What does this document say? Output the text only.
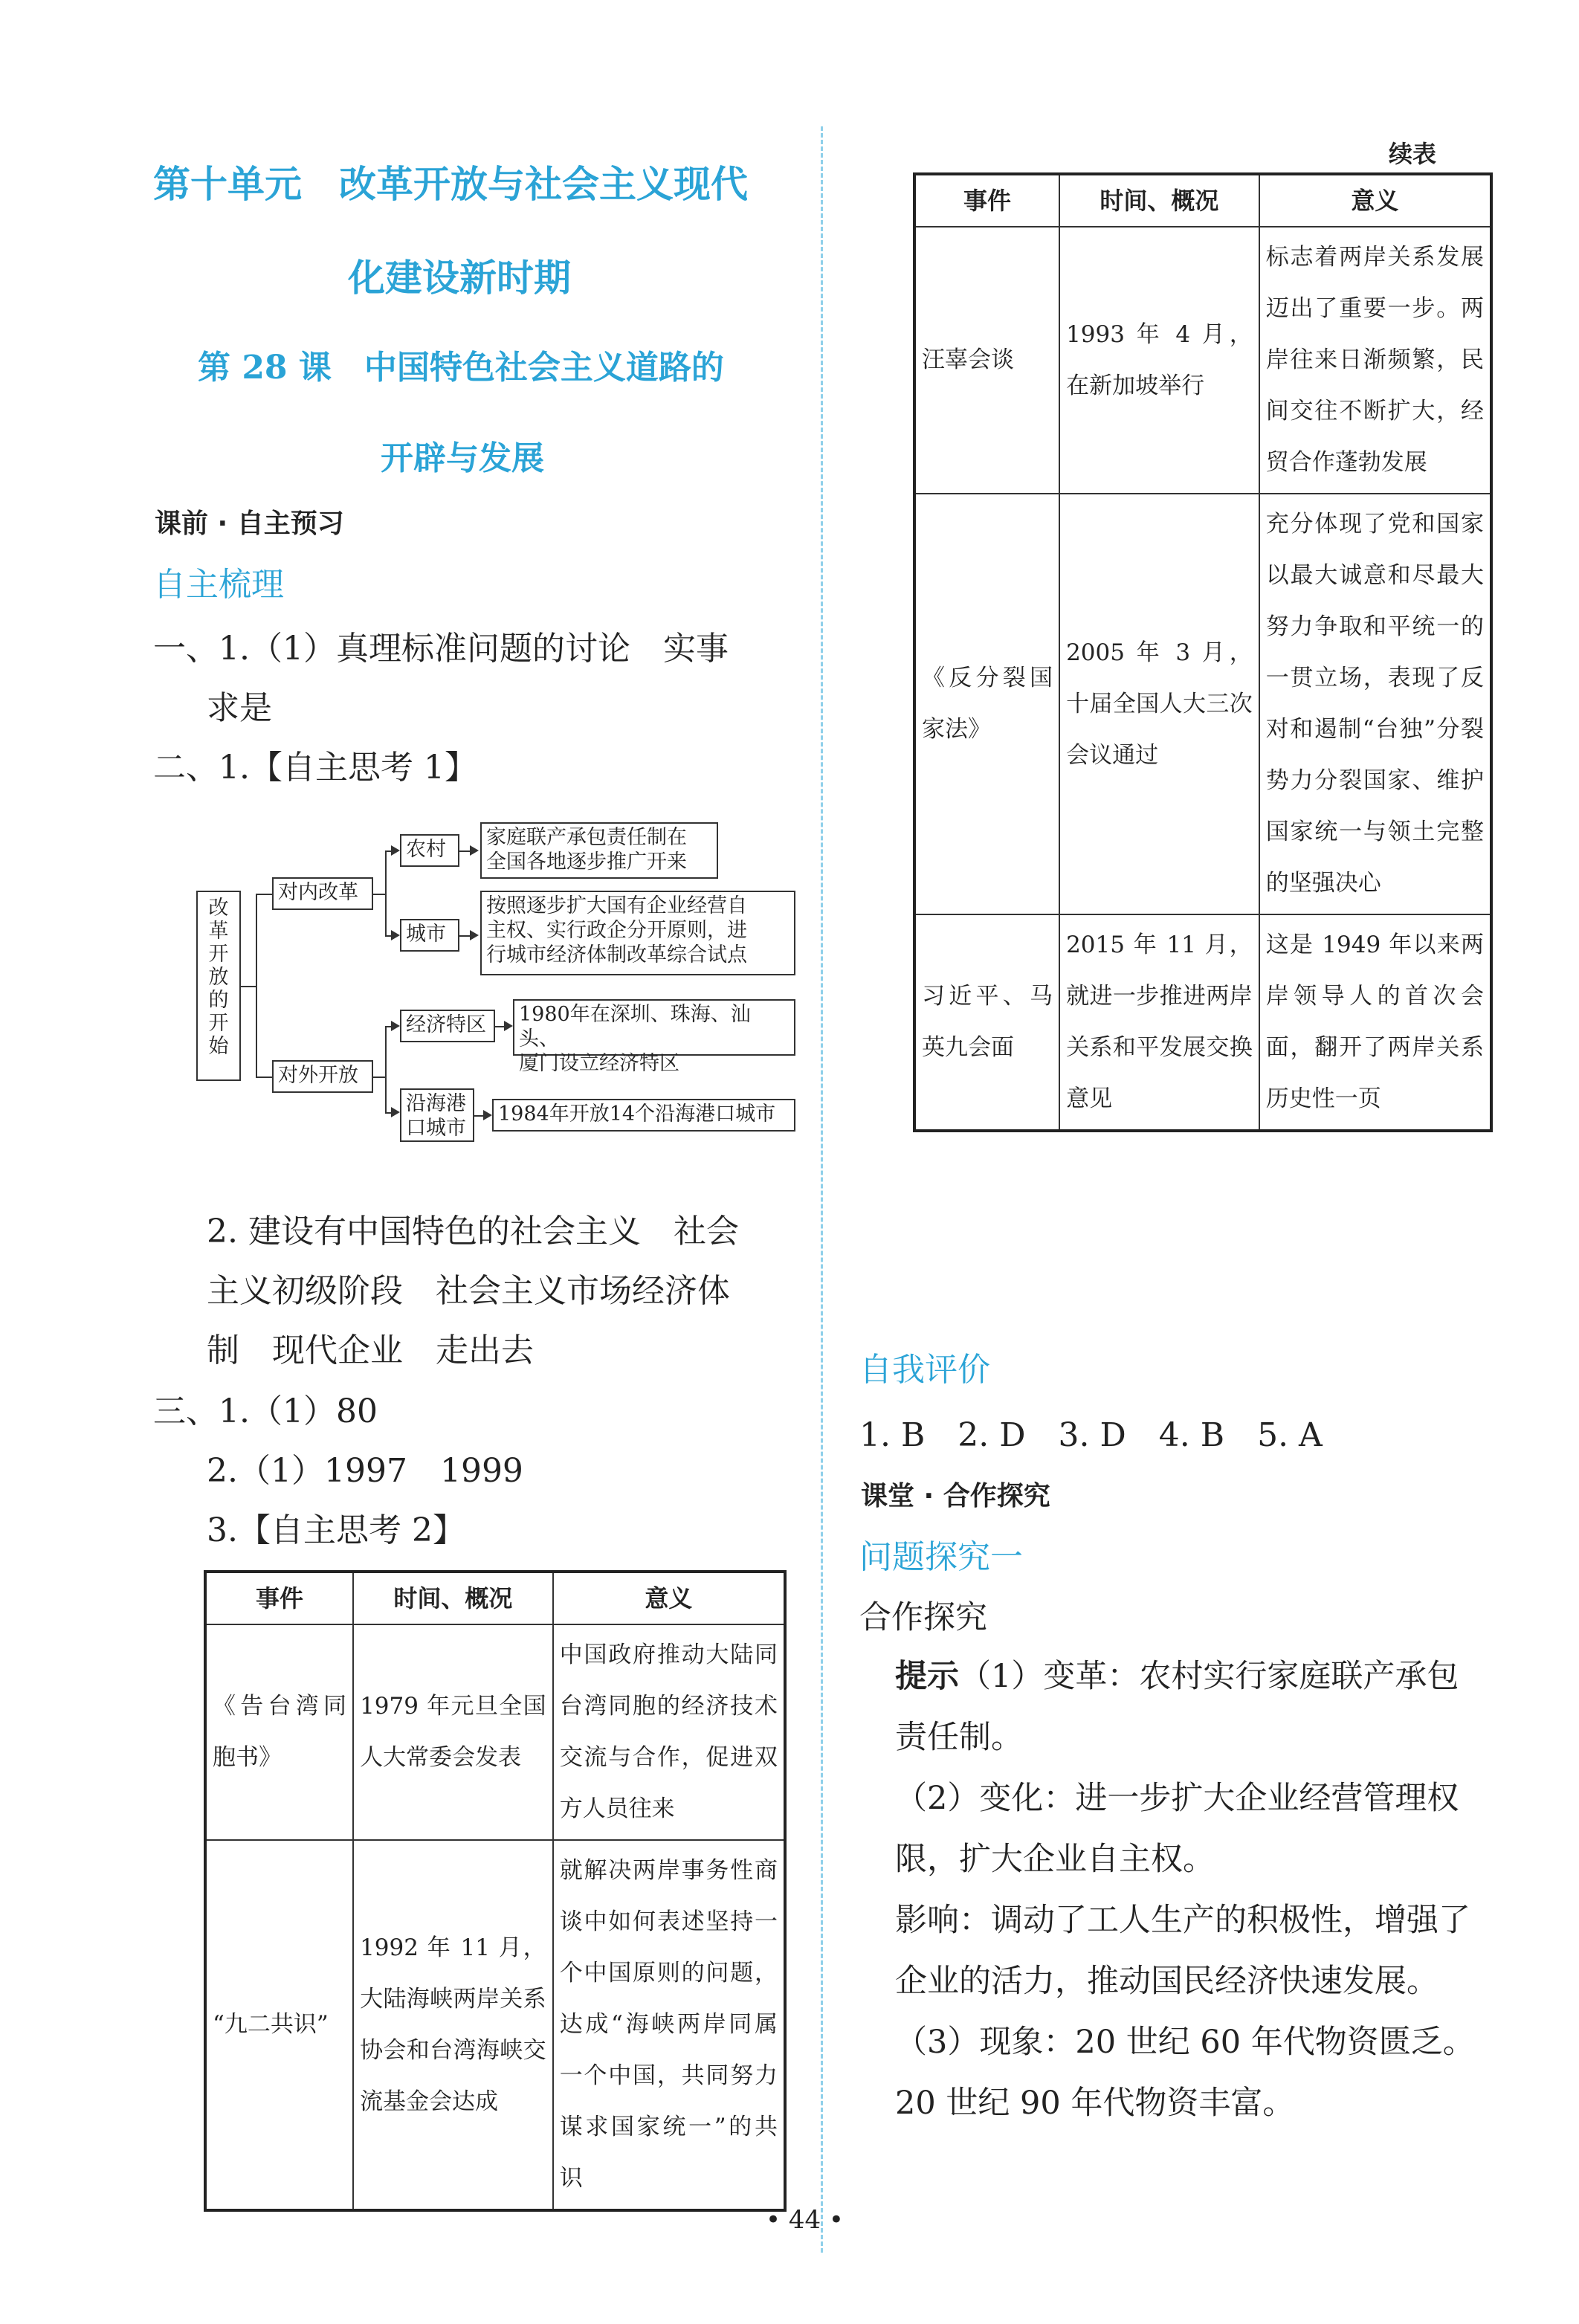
第十单元　改革开放与社会主义现代
化建设新时期
第 28 课　中国特色社会主义道路的
开辟与发展
课前 · 自主预习
自主梳理
一、1.（1）真理标准问题的讨论　实事
求是
二、1.【自主思考 1】
改革开放的开始
对内改革
对外开放
农村
城市
家庭联产承包责任制在
全国各地逐步推广开来
按照逐步扩大国有企业经营自
主权、实行政企分开原则，进
行城市经济体制改革综合试点
经济特区
沿海港
口城市
1980年在深圳、珠海、汕头、
厦门设立经济特区
1984年开放14个沿海港口城市
2. 建设有中国特色的社会主义　社会
主义初级阶段　社会主义市场经济体
制　现代企业　走出去
三、1.（1）80
2.（1）1997　1999
3.【自主思考 2】
事件	时间、概况	意义
《告台湾同胞书》	1979 年元旦全国人大常委会发表	中国政府推动大陆同台湾同胞的经济技术交流与合作，促进双方人员往来
“九二共识”	1992 年 11 月，大陆海峡两岸关系协会和台湾海峡交流基金会达成	就解决两岸事务性商谈中如何表述坚持一个中国原则的问题，达成“海峡两岸同属一个中国，共同努力谋求国家统一”的共识
续表
事件	时间、概况	意义
汪辜会谈	1993 年 4 月，在新加坡举行	标志着两岸关系发展迈出了重要一步。两岸往来日渐频繁，民间交往不断扩大，经贸合作蓬勃发展
《反分裂国家法》	2005 年 3 月，十届全国人大三次会议通过	充分体现了党和国家以最大诚意和尽最大努力争取和平统一的一贯立场，表现了反对和遏制“台独”分裂势力分裂国家、维护国家统一与领土完整的坚强决心
习近平、马英九会面	2015 年 11 月，就进一步推进两岸关系和平发展交换意见	这是 1949 年以来两岸领导人的首次会面，翻开了两岸关系历史性一页
自我评价
1. B　2. D　3. D　4. B　5. A
课堂 · 合作探究
问题探究一
合作探究
提示（1）变革：农村实行家庭联产承包责任制。
（2）变化：进一步扩大企业经营管理权限，扩大企业自主权。
影响：调动了工人生产的积极性，增强了企业的活力，推动国民经济快速发展。
（3）现象：20 世纪 60 年代物资匮乏。20 世纪 90 年代物资丰富。
• 44 •
